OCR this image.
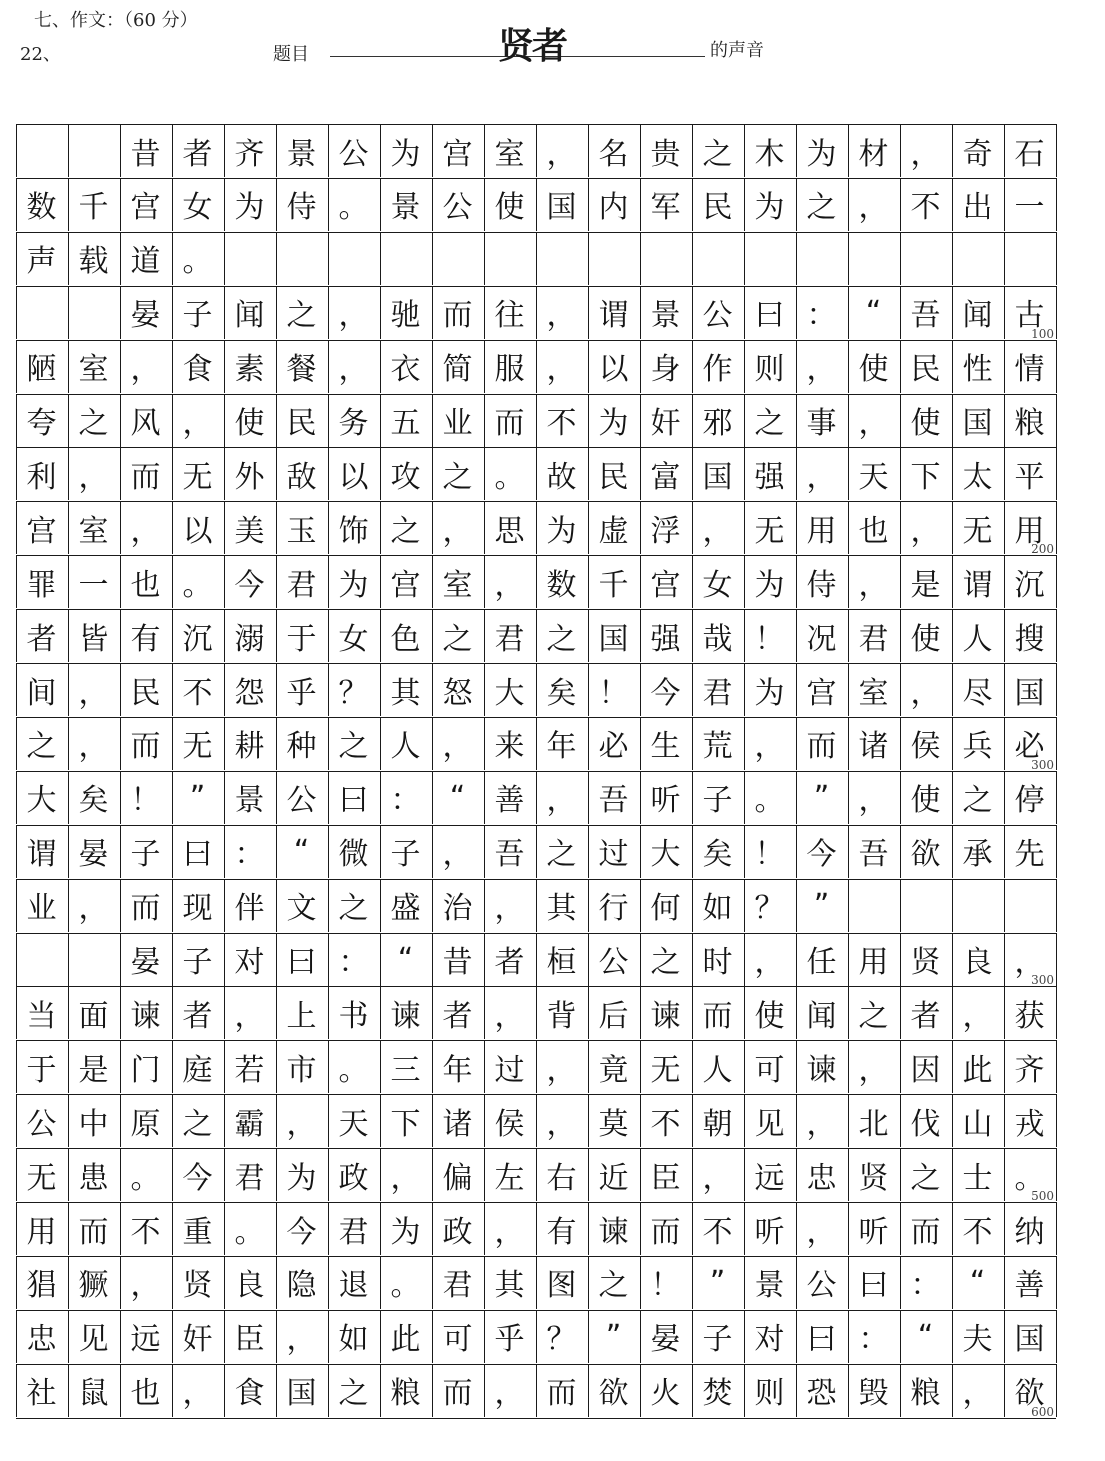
七、作文：（60 分）
22、	题目	贤者	的声音
昔 者 齐 景 公 为 宫 室 ， 名 贵 之 木 为 材 ， 奇 石
数 千 宫 女 为 侍 。 景 公 使 国 内 军 民 为 之 ， 不 出 一
声 载 道 。
晏 子 闻 之 ， 驰 而 往 ， 谓 景 公 曰 ： “ 吾 闻 古
100
陋 室 ， 食 素 餐 ， 衣 简 服 ， 以 身 作 则 ， 使 民 性 情
夸 之 风 ， 使 民 务 五 业 而 不 为 奸 邪 之 事 ， 使 国 粮
利 ， 而 无 外 敌 以 攻 之 。 故 民 富 国 强 ， 天 下 太 平
宫 室 ， 以 美 玉 饰 之 ， 思 为 虚 浮 ， 无 用 也 ， 无 用
200
罪 一 也 。 今 君 为 宫 室 ， 数 千 宫 女 为 侍 ， 是 谓 沉
者 皆 有 沉 溺 于 女 色 之 君 之 国 强 哉 ！ 况 君 使 人 搜
间 ， 民 不 怨 乎 ？ 其 怒 大 矣 ！ 今 君 为 宫 室 ， 尽 国
之 ， 而 无 耕 种 之 人 ， 来 年 必 生 荒 ， 而 诸 侯 兵 必
300
大 矣 ！ ” 景 公 曰 ： “ 善 ， 吾 听 子 。 ” ， 使 之 停
谓 晏 子 曰 ： “ 微 子 ， 吾 之 过 大 矣 ！ 今 吾 欲 承 先
业 ， 而 现 伴 文 之 盛 治 ， 其 行 何 如 ？ ”
晏 子 对 曰 ： “ 昔 者 桓 公 之 时 ， 任 用 贤 良 ，
300
当 面 谏 者 ， 上 书 谏 者 ， 背 后 谏 而 使 闻 之 者 ， 获
于 是 门 庭 若 市 。 三 年 过 ， 竟 无 人 可 谏 ， 因 此 齐
公 中 原 之 霸 ， 天 下 诸 侯 ， 莫 不 朝 见 ， 北 伐 山 戎
无 患 。 今 君 为 政 ， 偏 左 右 近 臣 ， 远 忠 贤 之 士 。
500
用 而 不 重 。 今 君 为 政 ， 有 谏 而 不 听 ， 听 而 不 纳
猖 獗 ， 贤 良 隐 退 。 君 其 图 之 ！ ” 景 公 曰 ： “ 善
忠 见 远 奸 臣 ， 如 此 可 乎 ？ ” 晏 子 对 曰 ： “ 夫 国
社 鼠 也 ， 食 国 之 粮 而 ， 而 欲 火 焚 则 恐 毁 粮 ， 欲
600
